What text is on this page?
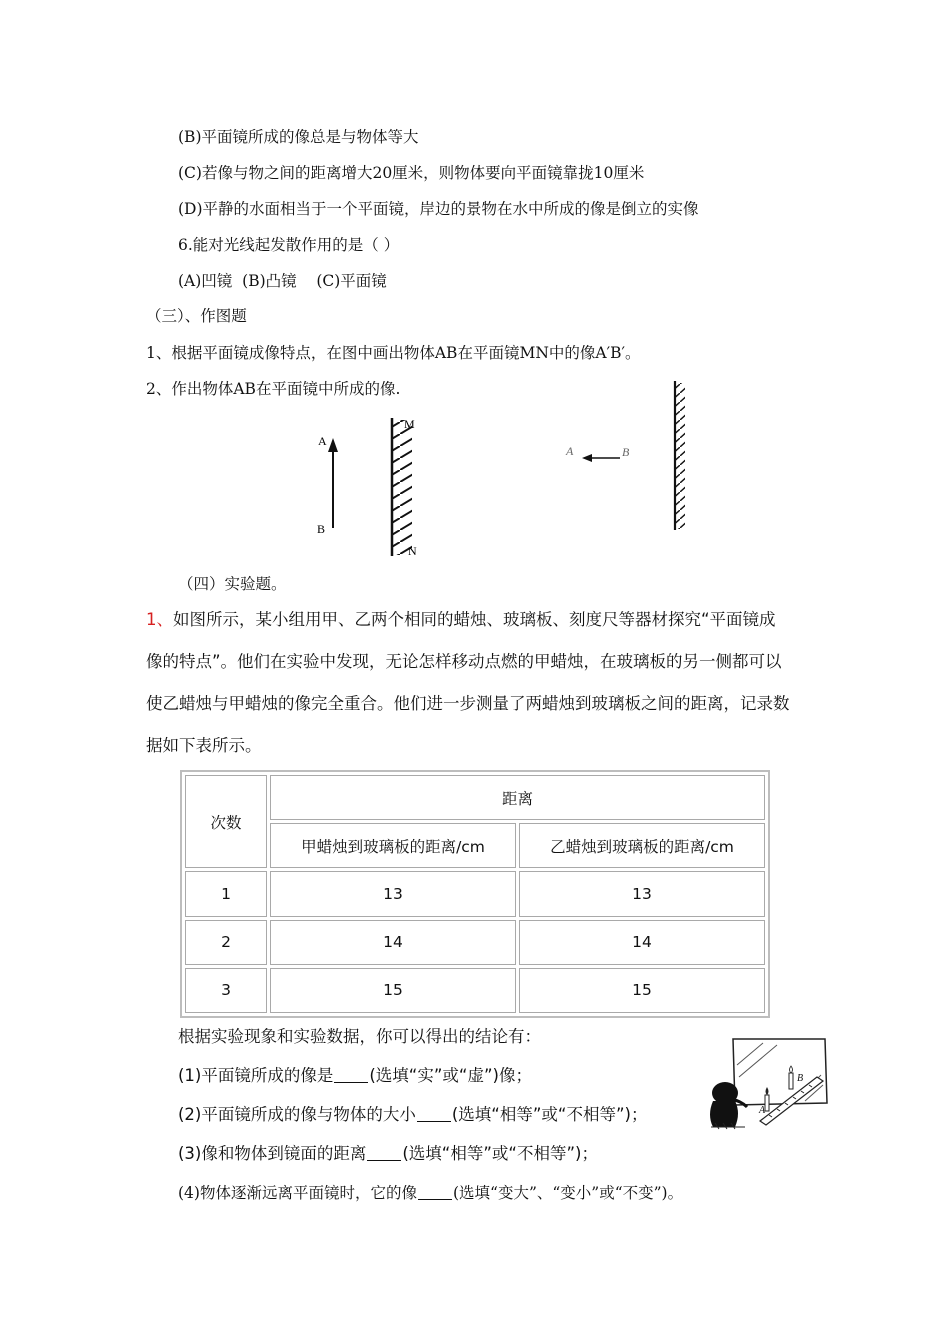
(B)平面镜所成的像总是与物体等大
(C)若像与物之间的距离增大20厘米，则物体要向平面镜靠拢10厘米
(D)平静的水面相当于一个平面镜，岸边的景物在水中所成的像是倒立的实像
6.能对光线起发散作用的是（ ）
(A)凹镜  (B)凸镜    (C)平面镜
（三）、作图题
1、根据平面镜成像特点，在图中画出物体AB在平面镜MN中的像A′B′。
2、作出物体AB在平面镜中所成的像.
A
B
M
N
A	B
（四）实验题。
1、如图所示，某小组用甲、乙两个相同的蜡烛、玻璃板、刻度尺等器材探究“平面镜成
像的特点”。他们在实验中发现，无论怎样移动点燃的甲蜡烛，在玻璃板的另一侧都可以
使乙蜡烛与甲蜡烛的像完全重合。他们进一步测量了两蜡烛到玻璃板之间的距离，记录数
据如下表所示。
次数	距离	
	甲蜡烛到玻璃板的距离/cm	乙蜡烛到玻璃板的距离/cm
1	13	13
2	14	14
3	15	15
根据实验现象和实验数据，你可以得出的结论有：
(1)平面镜所成的像是 (选填“实”或“虚”)像；
(2)平面镜所成的像与物体的大小 (选填“相等”或“不相等”)；
(3)像和物体到镜面的距离 (选填“相等”或“不相等”)；
(4)物体逐渐远离平面镜时，它的像 (选填“变大”、“变小”或“不变”)。
A
B
